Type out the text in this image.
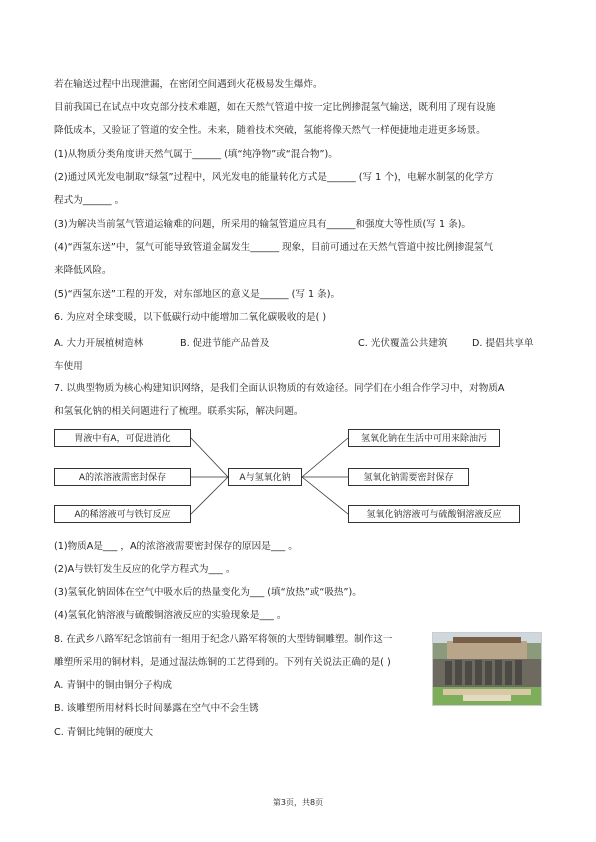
若在输送过程中出现泄漏，在密闭空间遇到火花极易发生爆炸。
目前我国已在试点中攻克部分技术难题，如在天然气管道中按一定比例掺混氢气输送，既利用了现有设施
降低成本，又验证了管道的安全性。未来，随着技术突破，氢能将像天然气一样便捷地走进更多场景。
(1)从物质分类角度讲天然气属于______ (填“纯净物”或“混合物”)。
(2)通过风光发电制取“绿氢”过程中，风光发电的能量转化方式是______ (写 1 个)，电解水制氢的化学方
程式为______ 。
(3)为解决当前氢气管道运输难的问题，所采用的输氢管道应具有______和强度大等性质(写 1 条)。
(4)“西氢东送”中，氢气可能导致管道金属发生______ 现象，目前可通过在天然气管道中按比例掺混氢气
来降低风险。
(5)“西氢东送”工程的开发，对东部地区的意义是______ (写 1 条)。
6. 为应对全球变暖，以下低碳行动中能增加二氧化碳吸收的是( )
A. 大力开展植树造林	B. 促进节能产品普及	C. 光伏覆盖公共建筑	D. 提倡共享单
车使用
7. 以典型物质为核心构建知识网络，是我们全面认识物质的有效途径。同学们在小组合作学习中，对物质A
和氢氧化钠的相关问题进行了梳理。联系实际，解决问题。
胃液中有A，可促进消化
A的浓溶液需密封保存
A的稀溶液可与铁钉反应
A与氢氧化钠
氢氧化钠在生活中可用来除油污
氢氧化钠需要密封保存
氢氧化钠溶液可与硫酸铜溶液反应
(1)物质A是___ ，A的浓溶液需要密封保存的原因是___ 。
(2)A与铁钉发生反应的化学方程式为___ 。
(3)氢氧化钠固体在空气中吸水后的热量变化为___ (填“放热”或“吸热”)。
(4)氢氧化钠溶液与硫酸铜溶液反应的实验现象是___ 。
8. 在武乡八路军纪念馆前有一组用于纪念八路军将领的大型铸铜雕塑。制作这一
雕塑所采用的铜材料，是通过湿法炼铜的工艺得到的。下列有关说法正确的是( )
A. 青铜中的铜由铜分子构成
B. 该雕塑所用材料长时间暴露在空气中不会生锈
C. 青铜比纯铜的硬度大
第3页，共8页
